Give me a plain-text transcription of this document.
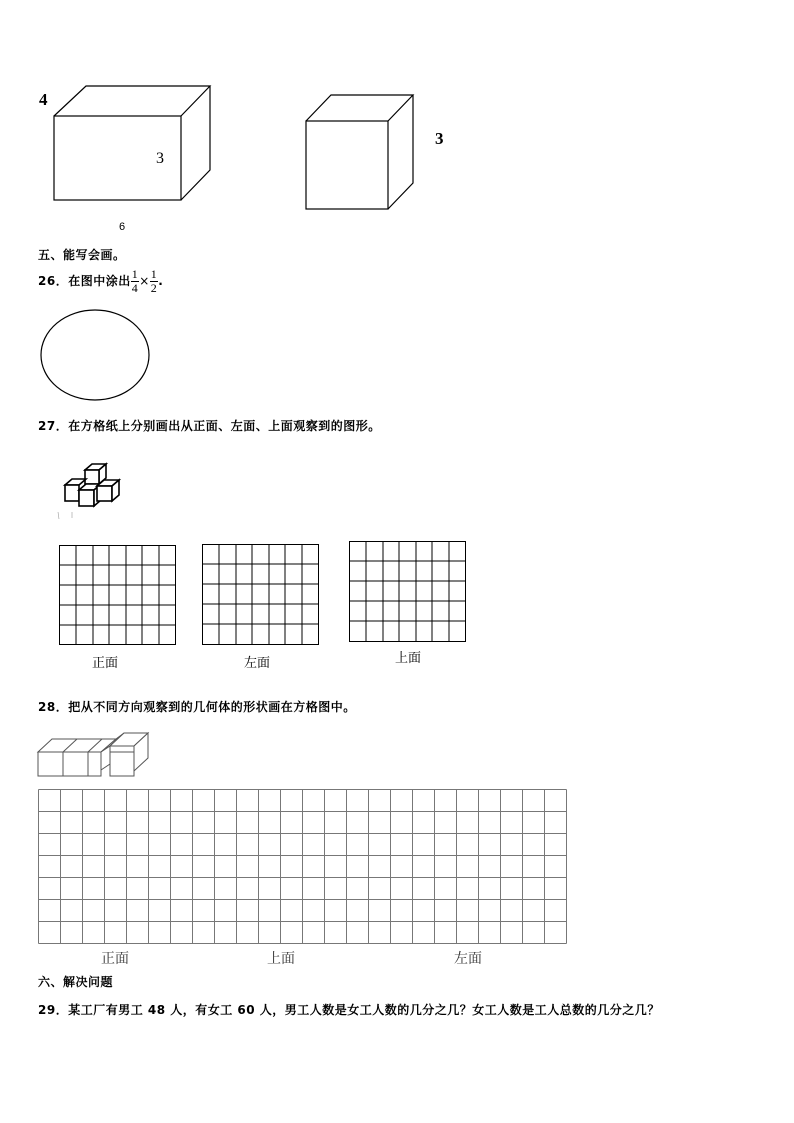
4
3
6
3
五、能写会画。
26．在图中涂出 $\frac{1}{4} \times \frac{1}{2}$ .
27．在方格纸上分别画出从正面、左面、上面观察到的图形。
正面	左面	上面
28．把从不同方向观察到的几何体的形状画在方格图中。
正面	上面	左面
六、解决问题
29．某工厂有男工 48 人，有女工 60 人，男工人数是女工人数的几分之几？女工人数是工人总数的几分之几？
